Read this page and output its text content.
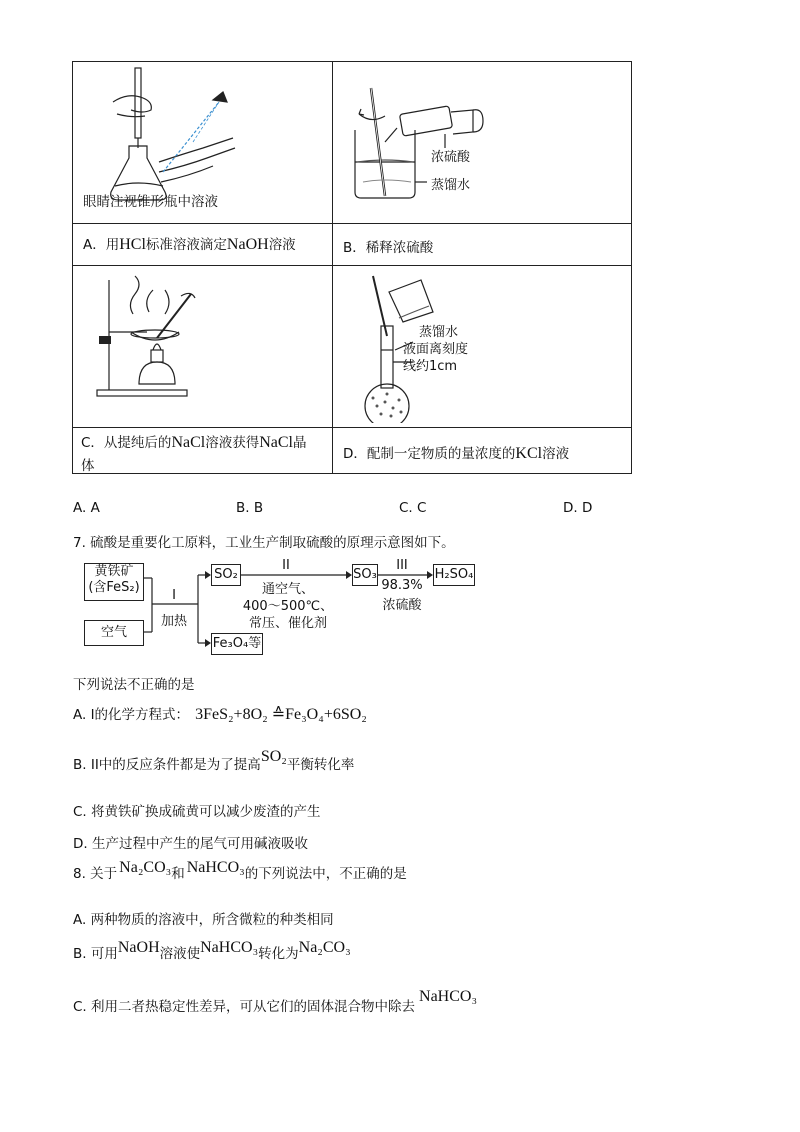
眼睛注视锥形瓶中溶液	浓硫酸
蒸馏水

A．用HCl标准溶液滴定NaOH溶液	B．稀释浓硫酸

蒸馏水
液面离刻度
线约1cm

C．从提纯后的NaCl溶液获得NaCl晶
体	D．配制一定物质的量浓度的KCl溶液
A. A	B. B	C. C	D. D
7. 硫酸是重要化工原料，工业生产制取硫酸的原理示意图如下。
黄铁矿
(含FeS₂)
空气
I
加热
SO₂
II
通空气、
400～500℃、
常压、催化剂
SO₃
III
98.3%
浓硫酸
H₂SO₄
Fe₃O₄等
下列说法不正确的是
A. I的化学方程式： 3FeS₂+8O₂ ≙Fe₃O₄+6SO₂
B. II中的反应条件都是为了提高SO₂平衡转化率
C. 将黄铁矿换成硫黄可以减少废渣的产生
D. 生产过程中产生的尾气可用碱液吸收
8. 关于 Na₂CO₃和 NaHCO₃的下列说法中，不正确的是
A. 两种物质的溶液中，所含微粒的种类相同
B. 可用NaOH溶液使NaHCO₃转化为Na₂CO₃
C. 利用二者热稳定性差异，可从它们的固体混合物中除去NaHCO₃
